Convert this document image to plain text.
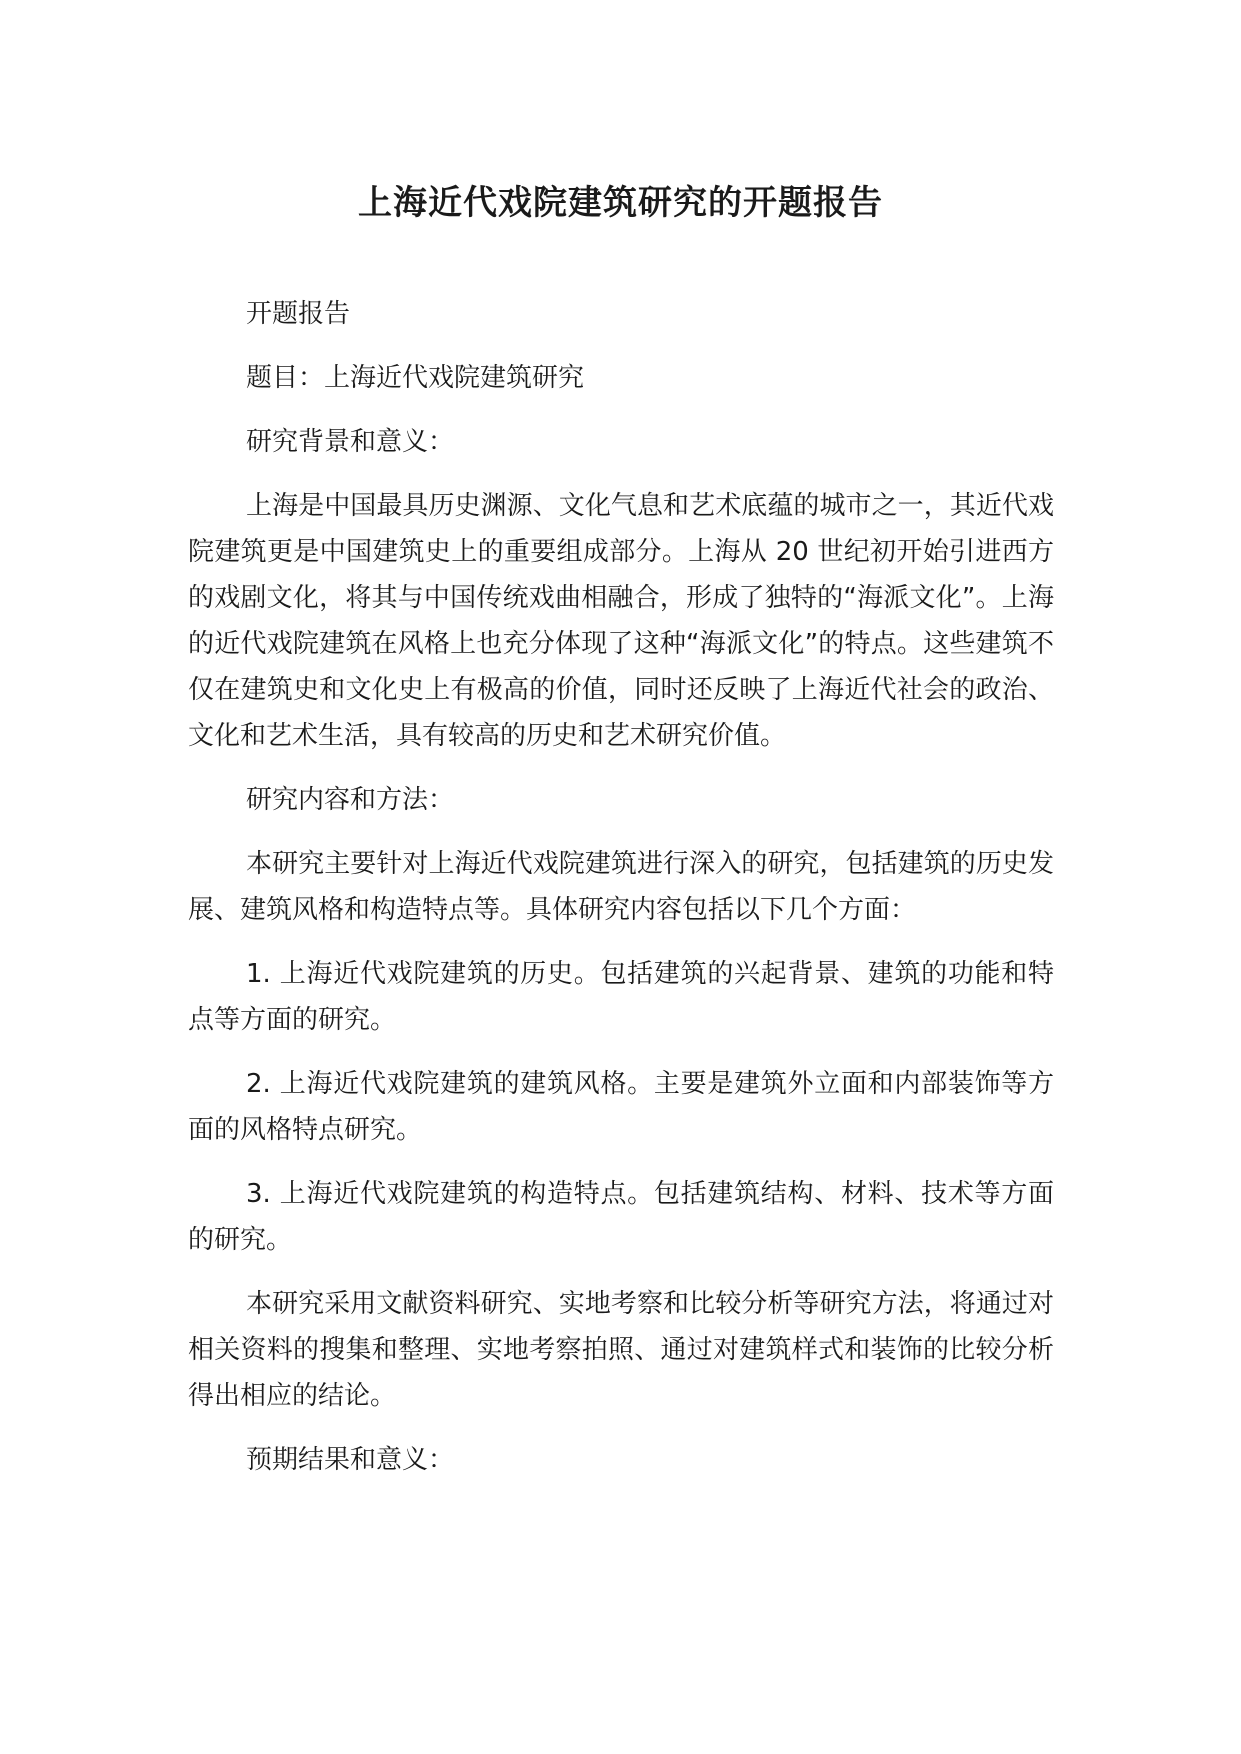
上海近代戏院建筑研究的开题报告

开题报告

题目：上海近代戏院建筑研究

研究背景和意义：

上海是中国最具历史渊源、文化气息和艺术底蕴的城市之一，其近代戏院建筑更是中国建筑史上的重要组成部分。上海从 20 世纪初开始引进西方的戏剧文化，将其与中国传统戏曲相融合，形成了独特的“海派文化”。上海的近代戏院建筑在风格上也充分体现了这种“海派文化”的特点。这些建筑不仅在建筑史和文化史上有极高的价值，同时还反映了上海近代社会的政治、文化和艺术生活，具有较高的历史和艺术研究价值。

研究内容和方法：

本研究主要针对上海近代戏院建筑进行深入的研究，包括建筑的历史发展、建筑风格和构造特点等。具体研究内容包括以下几个方面：

1. 上海近代戏院建筑的历史。包括建筑的兴起背景、建筑的功能和特点等方面的研究。

2. 上海近代戏院建筑的建筑风格。主要是建筑外立面和内部装饰等方面的风格特点研究。

3. 上海近代戏院建筑的构造特点。包括建筑结构、材料、技术等方面的研究。

本研究采用文献资料研究、实地考察和比较分析等研究方法，将通过对相关资料的搜集和整理、实地考察拍照、通过对建筑样式和装饰的比较分析得出相应的结论。

预期结果和意义：
